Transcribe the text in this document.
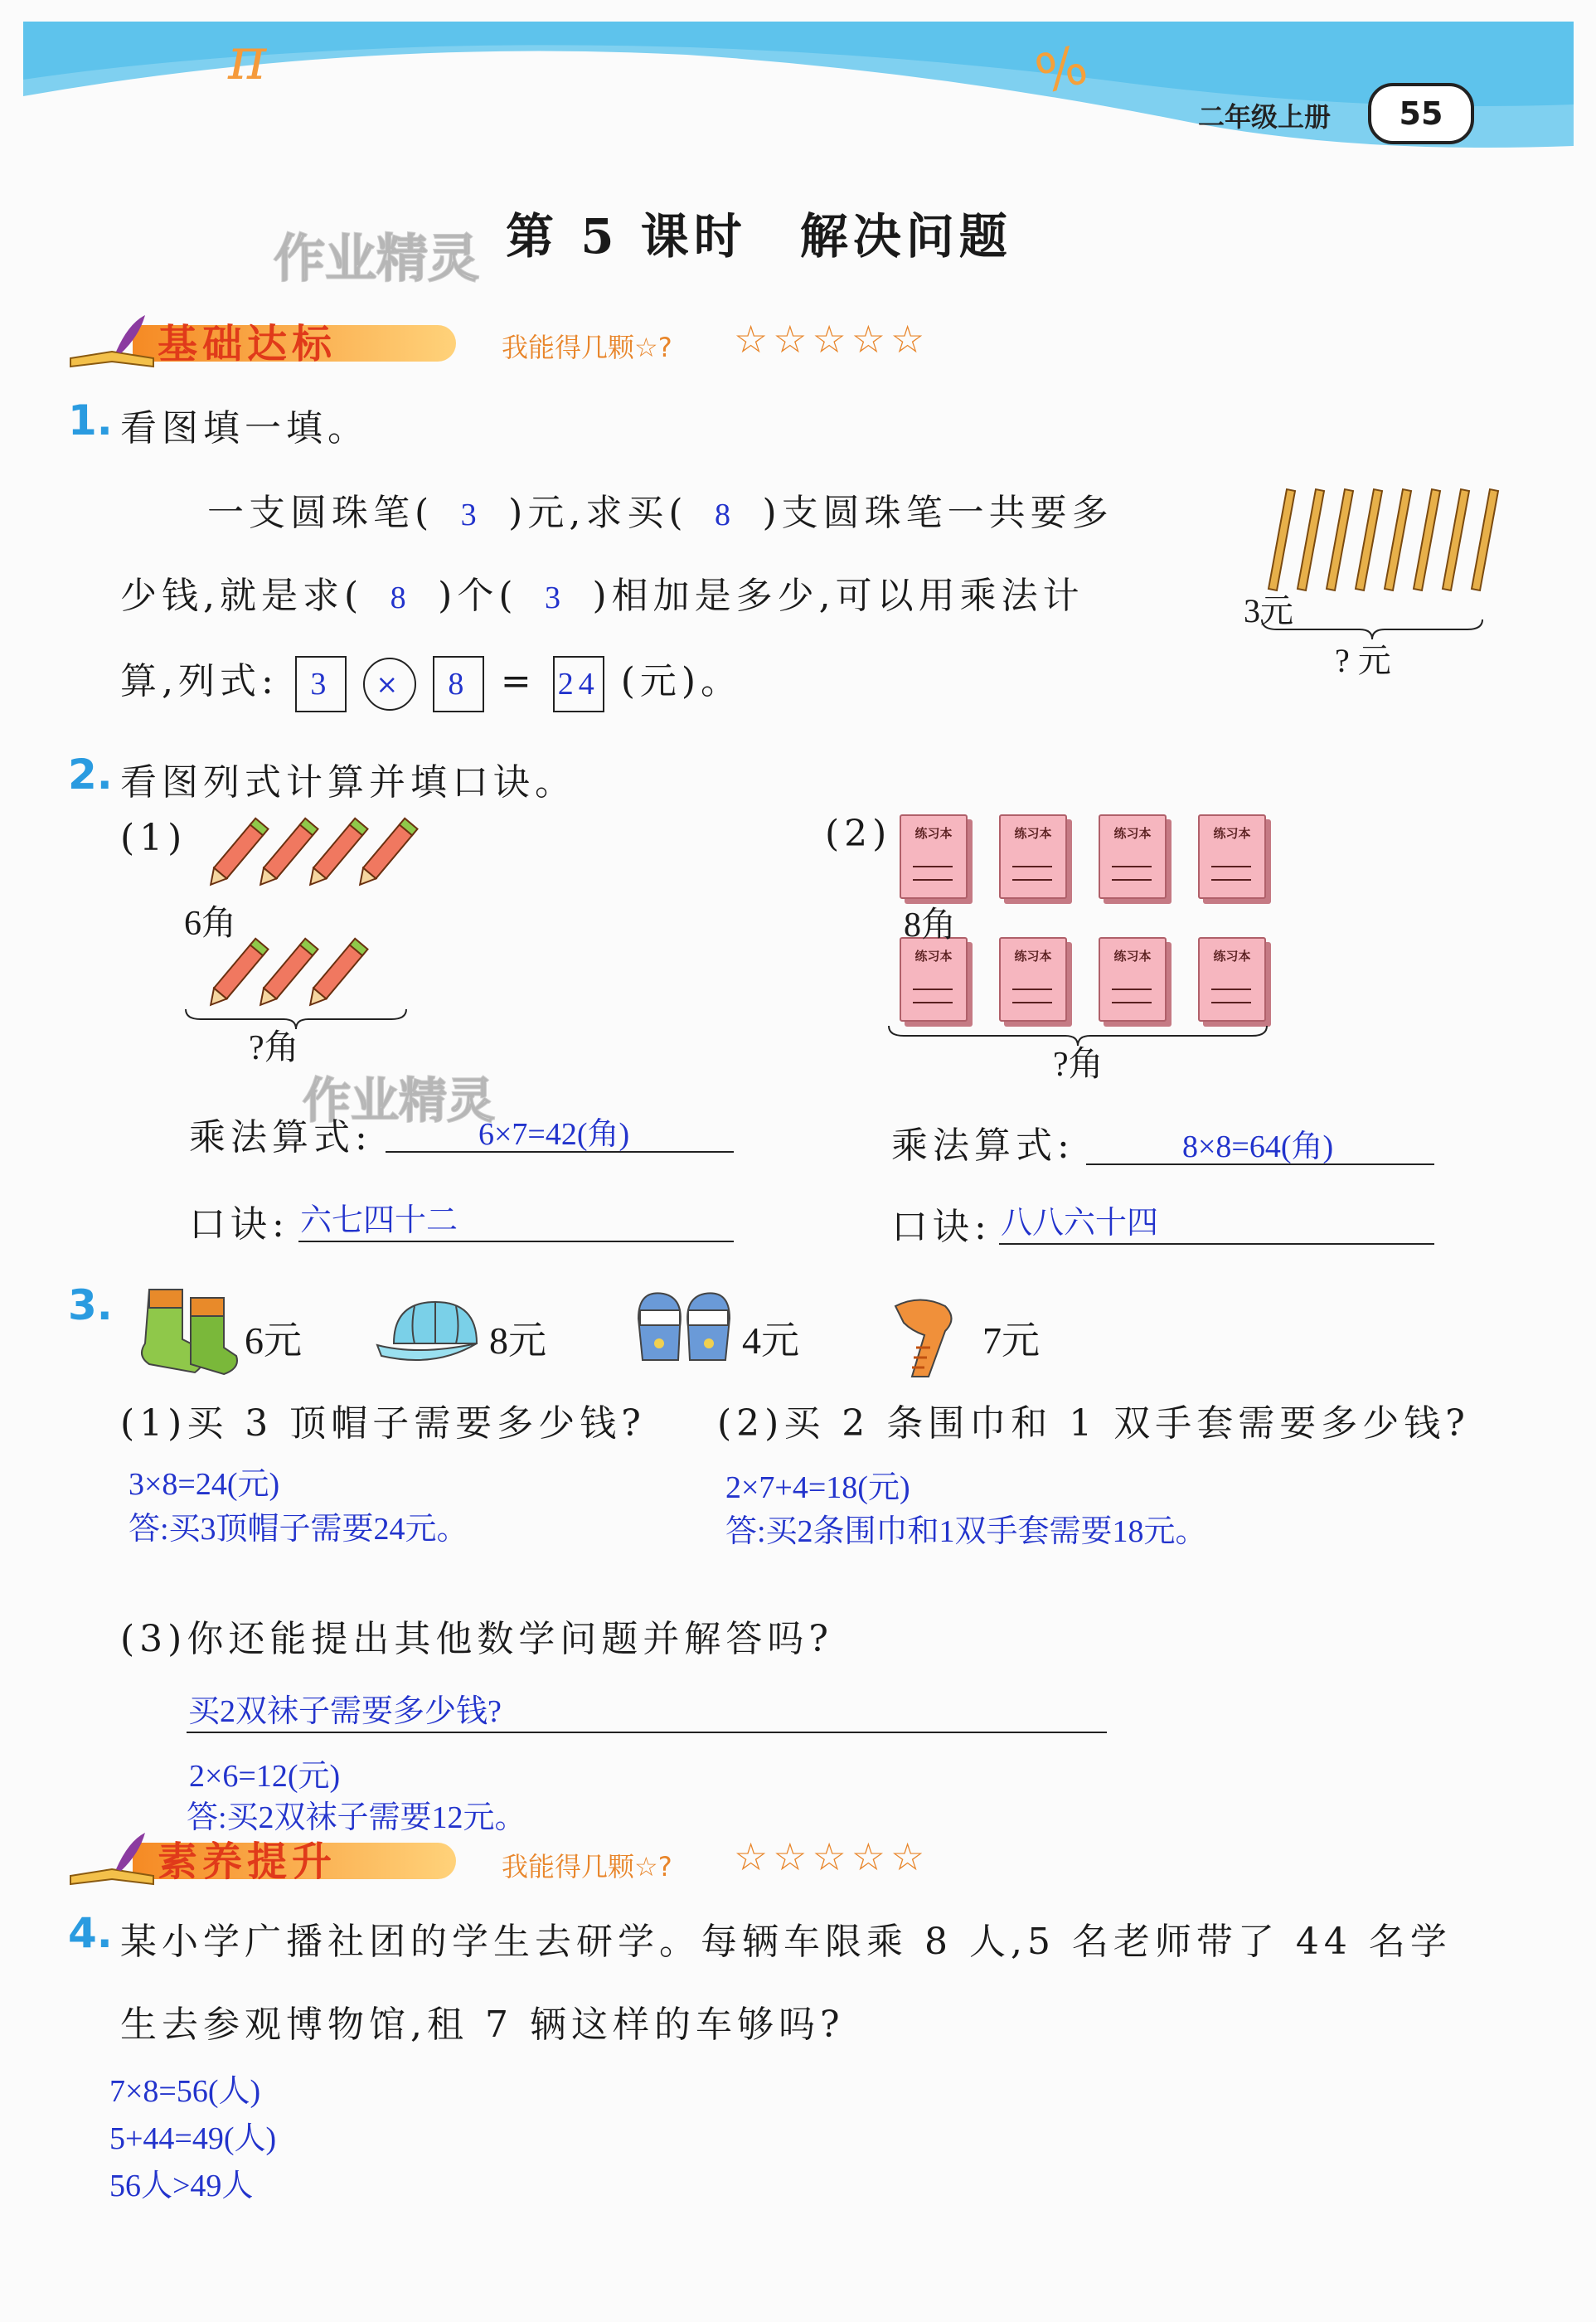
π	%
二年级上册	55
作业精灵 第 5 课时　解决问题
基础达标	我能得几颗☆? ☆☆☆☆☆
1. 看图填一填。
一支圆珠笔( 3 )元,求买( 8 )支圆珠笔一共要多
少钱,就是求( 8 )个( 3 )相加是多少,可以用乘法计
算,列式: 3 × 8 = 24 (元)。
3元
? 元
2. 看图列式计算并填口诀。
(1)
6角
?角
作业精灵
乘法算式:	6×7=42(角)
口诀: 六七四十二
(2)	练习本	练习本	练习本	练习本
练习本	练习本	练习本	练习本
8角
?角
乘法算式:	8×8=64(角)
口诀: 八八六十四
3.
6元	8元	4元	7元
(1)买 3 顶帽子需要多少钱?
3×8=24(元)
答:买3顶帽子需要24元。
(2)买 2 条围巾和 1 双手套需要多少钱?
2×7+4=18(元)
答:买2条围巾和1双手套需要18元。
(3)你还能提出其他数学问题并解答吗?
买2双袜子需要多少钱?
2×6=12(元)
答:买2双袜子需要12元。
素养提升	我能得几颗☆? ☆☆☆☆☆
4. 某小学广播社团的学生去研学。每辆车限乘 8 人,5 名老师带了 44 名学
生去参观博物馆,租 7 辆这样的车够吗?
7×8=56(人)
5+44=49(人)
56人>49人
